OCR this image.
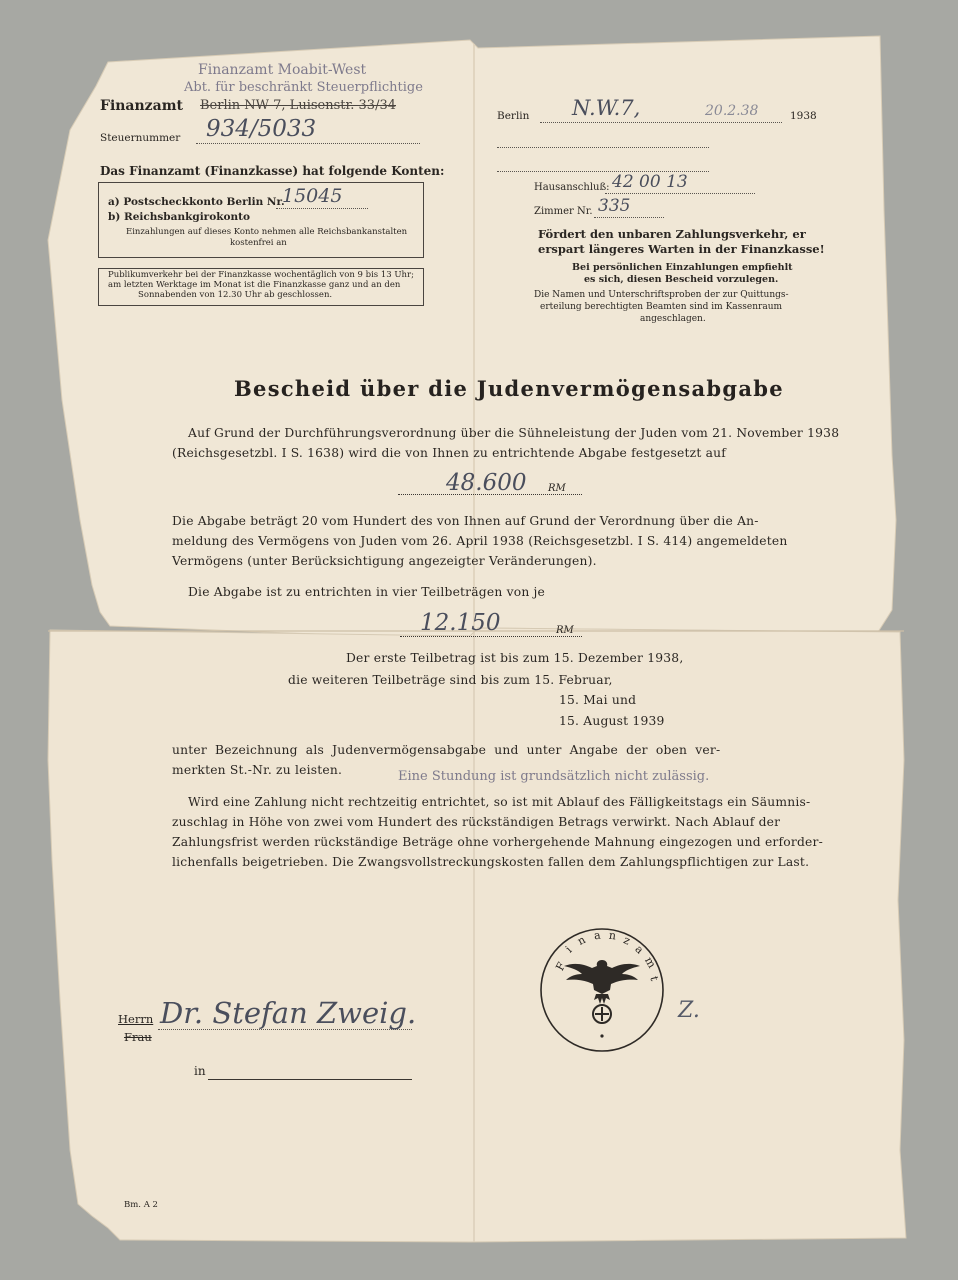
Finanzamt Moabit-West
Abt. für beschränkt Steuerpflichtige
Finanzamt Berlin NW 7, Luisenstr. 33/34
Steuernummer 934/5033
Das Finanzamt (Finanzkasse) hat folgende Konten:
a) Postscheckkonto Berlin Nr.
15045
b) Reichsbankgirokonto
Einzahlungen auf dieses Konto nehmen alle Reichsbankanstalten
kostenfrei an
Publikumverkehr bei der Finanzkasse wochentäglich von 9 bis 13 Uhr;
am letzten Werktage im Monat ist die Finanzkasse ganz und an den
Sonnabenden von 12.30 Uhr ab geschlossen.
Berlin N.W.7,	20.2.38	1938
Hausanschluß: 42 00 13
Zimmer Nr. 335
Fördert den unbaren Zahlungsverkehr, er
erspart längeres Warten in der Finanzkasse!
Bei persönlichen Einzahlungen empfiehlt
es sich, diesen Bescheid vorzulegen.
Die Namen und Unterschriftsproben der zur Quittungs-
erteilung berechtigten Beamten sind im Kassenraum
angeschlagen.
Bescheid über die Judenvermögensabgabe
Auf Grund der Durchführungsverordnung über die Sühneleistung der Juden vom 21. November 1938
(Reichsgesetzbl. I S. 1638) wird die von Ihnen zu entrichtende Abgabe festgesetzt auf
48.600 RM
Die Abgabe beträgt 20 vom Hundert des von Ihnen auf Grund der Verordnung über die An-
meldung des Vermögens von Juden vom 26. April 1938 (Reichsgesetzbl. I S. 414) angemeldeten
Vermögens (unter Berücksichtigung angezeigter Veränderungen).
Die Abgabe ist zu entrichten in vier Teilbeträgen von je
12.150	RM
Der erste Teilbetrag ist bis zum 15. Dezember 1938,
die weiteren Teilbeträge sind bis zum 15. Februar,
15. Mai und
15. August 1939
unter Bezeichnung als Judenvermögensabgabe und unter Angabe der oben ver-
merkten St.-Nr. zu leisten.	Eine Stundung ist grundsätzlich nicht zulässig.
Wird eine Zahlung nicht rechtzeitig entrichtet, so ist mit Ablauf des Fälligkeitstags ein Säumnis-
zuschlag in Höhe von zwei vom Hundert des rückständigen Betrags verwirkt. Nach Ablauf der
Zahlungsfrist werden rückständige Beträge ohne vorhergehende Mahnung eingezogen und erforder-
lichenfalls beigetrieben. Die Zwangsvollstreckungskosten fallen dem Zahlungspflichtigen zur Last.
F
i
n a n z
a
m
t
Z.
Herrn
Frau
Dr. Stefan Zweig.
in
Bm. A 2
